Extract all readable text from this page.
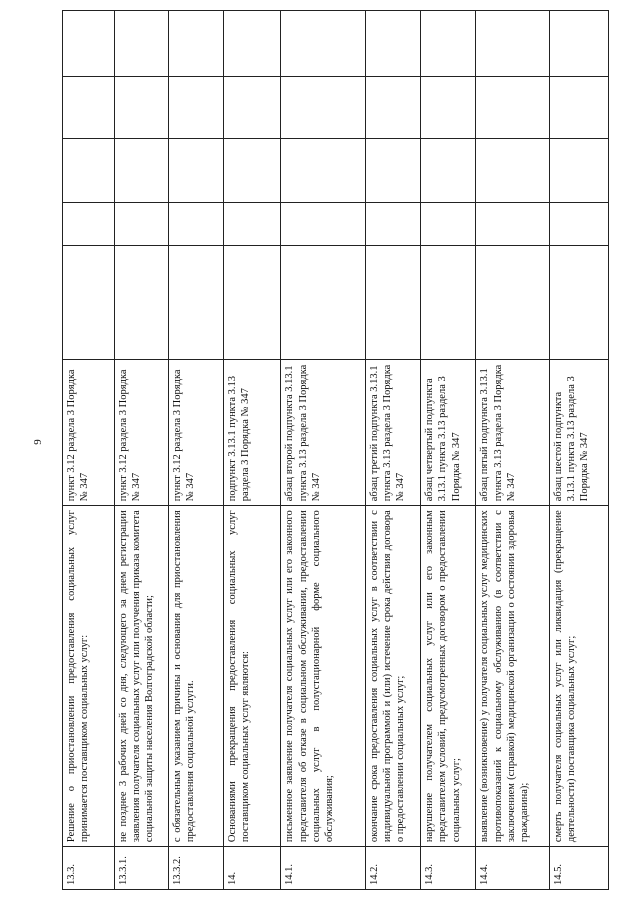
9
13.3.	Решение о приостановлении предоставления социальных услуг принимается поставщиком социальных услуг:	пункт 3.12 раздела 3 Порядка № 347					
13.3.1.	не позднее 3 рабочих дней со дня, следующего за днем регистрации заявления получателя социальных услуг или получения приказа комитета социальной защиты населения Волгоградской области;	пункт 3.12 раздела 3 Порядка № 347					
13.3.2.	с обязательным указанием причины и основания для приостановления предоставления социальной услуги.	пункт 3.12 раздела 3 Порядка № 347					
14.	Основаниями прекращения предоставления социальных услуг поставщиком социальных услуг являются:	подпункт 3.13.1 пункта 3.13 раздела 3 Порядка № 347					
14.1.	письменное заявление получателя социальных услуг или его законного представителя об отказе в социальном обслуживании, предоставлении социальных услуг в полустационарной форме социального обслуживания;	абзац второй подпункта 3.13.1 пункта 3.13 раздела 3 Порядка № 347					
14.2.	окончание срока предоставления социальных услуг в соответствии с индивидуальной программой и (или) истечение срока действия договора о предоставлении социальных услуг;	абзац третий подпункта 3.13.1 пункта 3.13 раздела 3 Порядка № 347					
14.3.	нарушение получателем социальных услуг или его законным представителем условий, предусмотренных договором о предоставлении социальных услуг;	абзац четвертый подпункта 3.13.1 пункта 3.13 раздела 3 Порядка № 347					
14.4.	выявление (возникновение) у получателя социальных услуг медицинских противопоказаний к социальному обслуживанию (в соответствии с заключением (справкой) медицинской организации о состоянии здоровья гражданина);	абзац пятый подпункта 3.13.1 пункта 3.13 раздела 3 Порядка № 347					
14.5.	смерть получателя социальных услуг или ликвидация (прекращение деятельности) поставщика социальных услуг;	абзац шестой подпункта 3.13.1 пункта 3.13 раздела 3 Порядка № 347					
